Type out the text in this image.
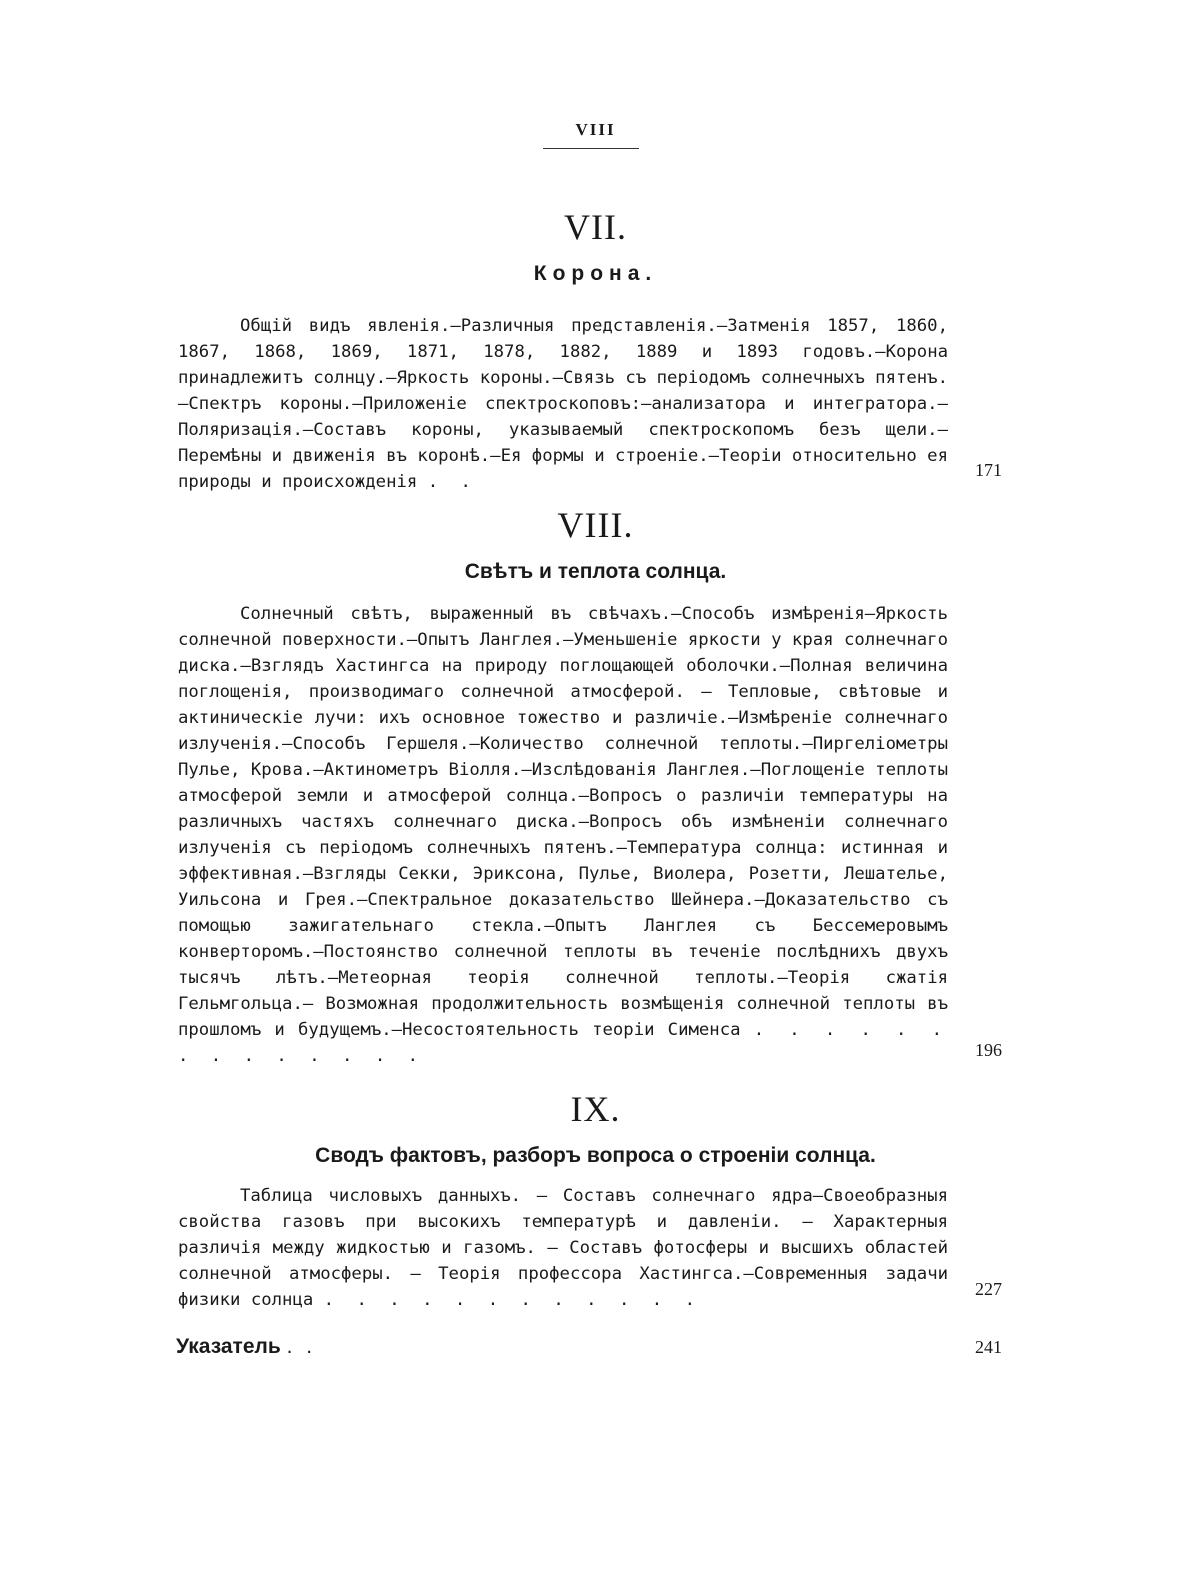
VIII
VII.
Корона.
Общій видъ явленія.—Различныя представленія.—Затменія 1857, 1860, 1867, 1868, 1869, 1871, 1878, 1882, 1889 и 1893 годовъ.—Корона принадлежитъ солнцу.—Яркость короны.—Связь съ періодомъ солнечныхъ пятенъ.—Спектръ короны.—Приложеніе спектроскоповъ:—анализатора и интегратора.—Поляризація.—Составъ короны, указываемый спектроскопомъ безъ щели.—Перемѣны и движенія въ коронѣ.—Ея формы и строеніе.—Теоріи относительно ея природы и происхожденія . .
171
VIII.
Свѣтъ и теплота солнца.
Солнечный свѣтъ, выраженный въ свѣчахъ.—Способъ измѣренія—Яркость солнечной поверхности.—Опытъ Ланглея.—Уменьшеніе яркости у края солнечнаго диска.—Взглядъ Хастингса на природу поглощающей оболочки.—Полная величина поглощенія, производимаго солнечной атмосферой. — Тепловые, свѣтовые и актиническіе лучи: ихъ основное тожество и различіе.—Измѣреніе солнечнаго излученія.—Способъ Гершеля.—Количество солнечной теплоты.—Пиргеліометры Пулье, Крова.—Актинометръ Віолля.—Изслѣдованія Ланглея.—Поглощеніе теплоты атмосферой земли и атмосферой солнца.—Вопросъ о различіи температуры на различныхъ частяхъ солнечнаго диска.—Вопросъ объ измѣненіи солнечнаго излученія съ періодомъ солнечныхъ пятенъ.—Температура солнца: истинная и эффективная.—Взгляды Секки, Эриксона, Пулье, Виолера, Розетти, Лешателье, Уильсона и Грея.—Спектральное доказательство Шейнера.—Доказательство съ помощью зажигательнаго стекла.—Опытъ Ланглея съ Бессемеровымъ конверторомъ.—Постоянство солнечной теплоты въ теченіе послѣднихъ двухъ тысячъ лѣтъ.—Метеорная теорія солнечной теплоты.—Теорія сжатія Гельмгольца.— Возможная продолжительность возмѣщенія солнечной теплоты въ прошломъ и будущемъ.—Несостоятельность теоріи Сименса . . . . . . . . . . . . . .	196
IX.
Сводъ фактовъ, разборъ вопроса о строеніи солнца.
Таблица числовыхъ данныхъ. — Составъ солнечнаго ядра—Своеобразныя свойства газовъ при высокихъ температурѣ и давленіи. — Характерныя различія между жидкостью и газомъ. — Составъ фотосферы и высшихъ областей солнечной атмосферы. — Теорія профессора Хастингса.—Современныя задачи физики солнца . . . . . . . . . . . .
227
Указатель . .	241
